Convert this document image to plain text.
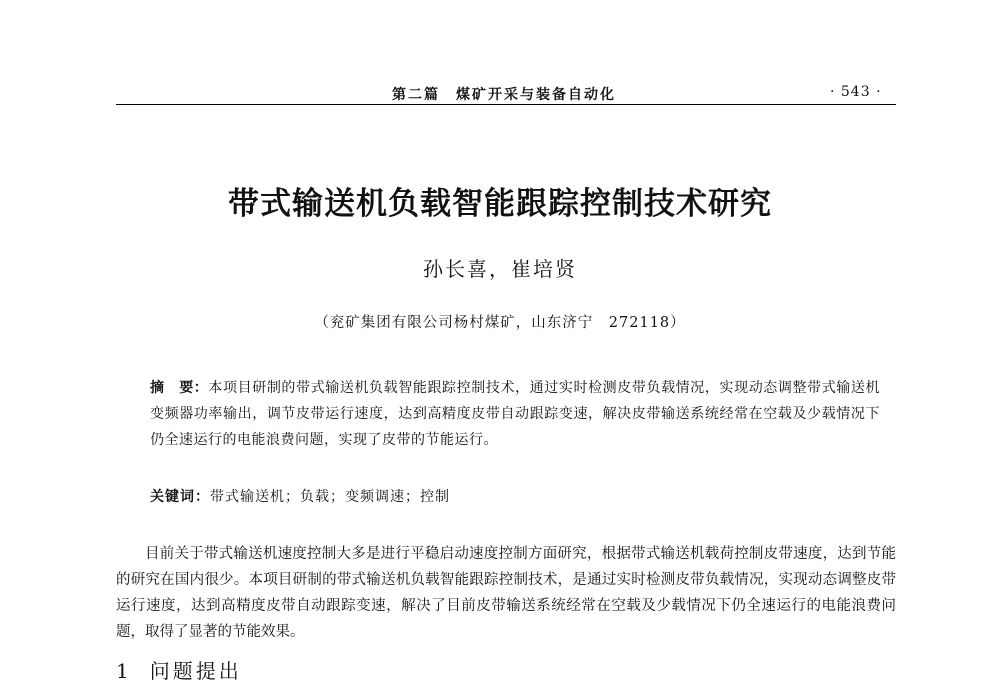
第二篇　煤矿开采与装备自动化	· 543 ·
带式输送机负载智能跟踪控制技术研究
孙长喜，崔培贤
（兖矿集团有限公司杨村煤矿，山东济宁　272118）
摘　要：本项目研制的带式输送机负载智能跟踪控制技术，通过实时检测皮带负载情况，实现动态调整带式输送机变频器功率输出，调节皮带运行速度，达到高精度皮带自动跟踪变速，解决皮带输送系统经常在空载及少载情况下仍全速运行的电能浪费问题，实现了皮带的节能运行。
关键词：带式输送机；负载；变频调速；控制
目前关于带式输送机速度控制大多是进行平稳启动速度控制方面研究，根据带式输送机载荷控制皮带速度，达到节能的研究在国内很少。本项目研制的带式输送机负载智能跟踪控制技术，是通过实时检测皮带负载情况，实现动态调整皮带运行速度，达到高精度皮带自动跟踪变速，解决了目前皮带输送系统经常在空载及少载情况下仍全速运行的电能浪费问题，取得了显著的节能效果。
1 问题提出
